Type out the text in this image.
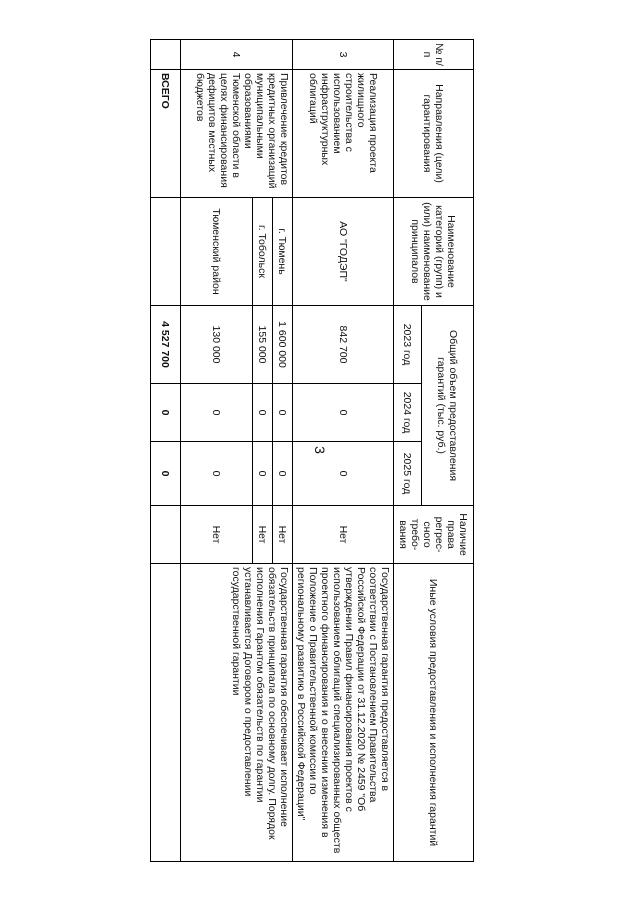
3
№ п/п	Направления (цели) гарантирования	Наименование категорий (групп) и (или) наименование принципалов	Общий объем предоставления гарантий (тыс. руб.)			Наличие права регрес-сного требо-вания	Иные условия предоставления и исполнения гарантий
			2023 год	2024 год	2025 год		
3	Реализация проекта жилищного строительства с использованием инфраструктурных облигаций	АО "ГОДЭП"	842 700	0	0	Нет	Государственная гарантия предоставляется в соответствии с Постановлением Правительства Российской Федерации от 31.12.2020 № 2459 "Об утверждении Правил финансирования проектов с использованием облигаций специализированных обществ проектного финансирования и о внесении изменения в Положение о Правительственной комиссии по региональному развитию в Российской Федерации"
4	Привлечение кредитов кредитных организаций муниципальными образованиями Тюменской области в целях финансирования дефицитов местных бюджетов	г. Тюмень	1 600 000	0	0	Нет	Государственная гарантия обеспечивает исполнение обязательств принципала по основному долгу. Порядок исполнения Гарантом обязательств по гарантии устанавливается Договором о предоставлении государственной гарантии
		г. Тобольск	155 000	0	0	Нет	
		Тюменский район	130 000	0	0	Нет	
	ВСЕГО		4 527 700	0	0		
